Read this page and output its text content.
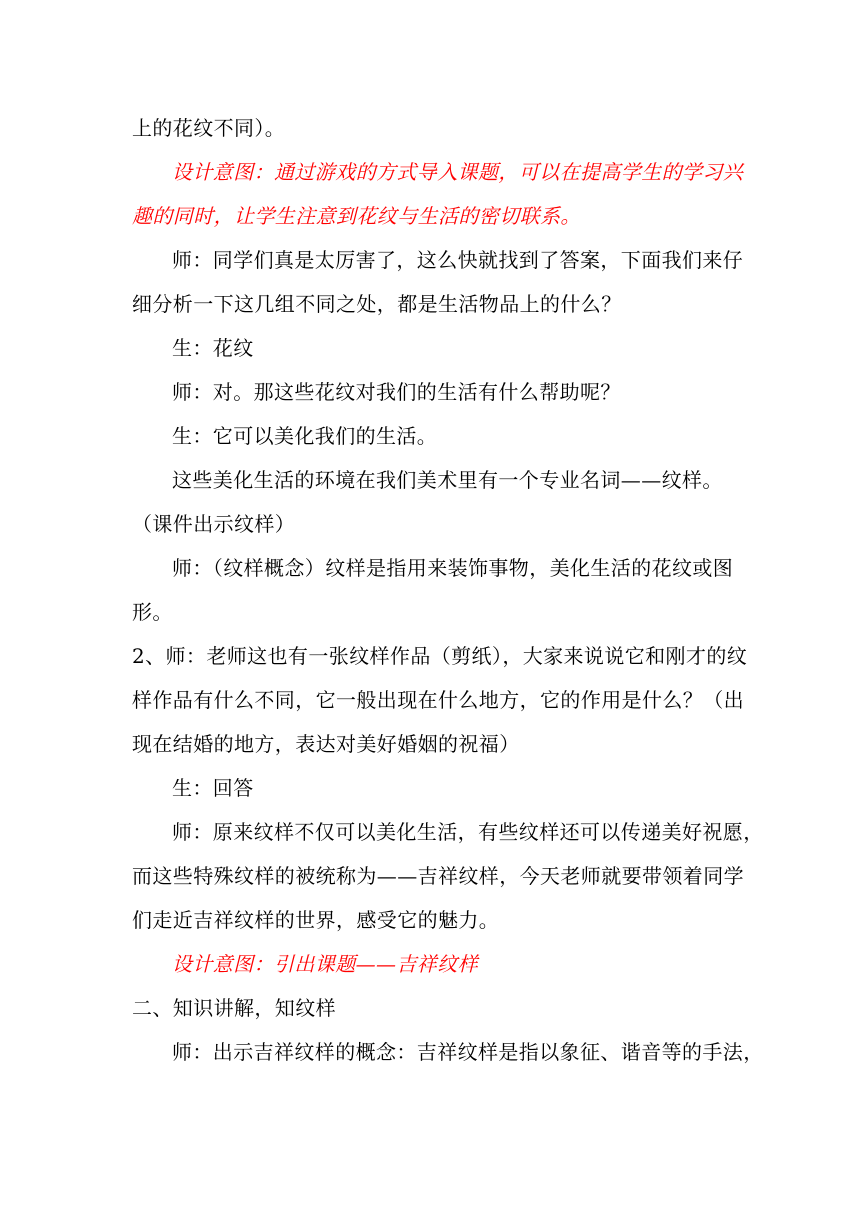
上的花纹不同）。

设计意图：通过游戏的方式导入课题，可以在提高学生的学习兴

趣的同时，让学生注意到花纹与生活的密切联系。

师：同学们真是太厉害了，这么快就找到了答案，下面我们来仔

细分析一下这几组不同之处，都是生活物品上的什么？

生：花纹

师：对。那这些花纹对我们的生活有什么帮助呢？

生：它可以美化我们的生活。

这些美化生活的环境在我们美术里有一个专业名词——纹样。

（课件出示纹样）

师：（纹样概念）纹样是指用来装饰事物，美化生活的花纹或图

形。

2、师：老师这也有一张纹样作品（剪纸），大家来说说它和刚才的纹

样作品有什么不同，它一般出现在什么地方，它的作用是什么？（出

现在结婚的地方，表达对美好婚姻的祝福）

生：回答

师：原来纹样不仅可以美化生活，有些纹样还可以传递美好祝愿，

而这些特殊纹样的被统称为——吉祥纹样，今天老师就要带领着同学

们走近吉祥纹样的世界，感受它的魅力。

设计意图：引出课题——吉祥纹样

二、知识讲解，知纹样

师：出示吉祥纹样的概念：吉祥纹样是指以象征、谐音等的手法，
